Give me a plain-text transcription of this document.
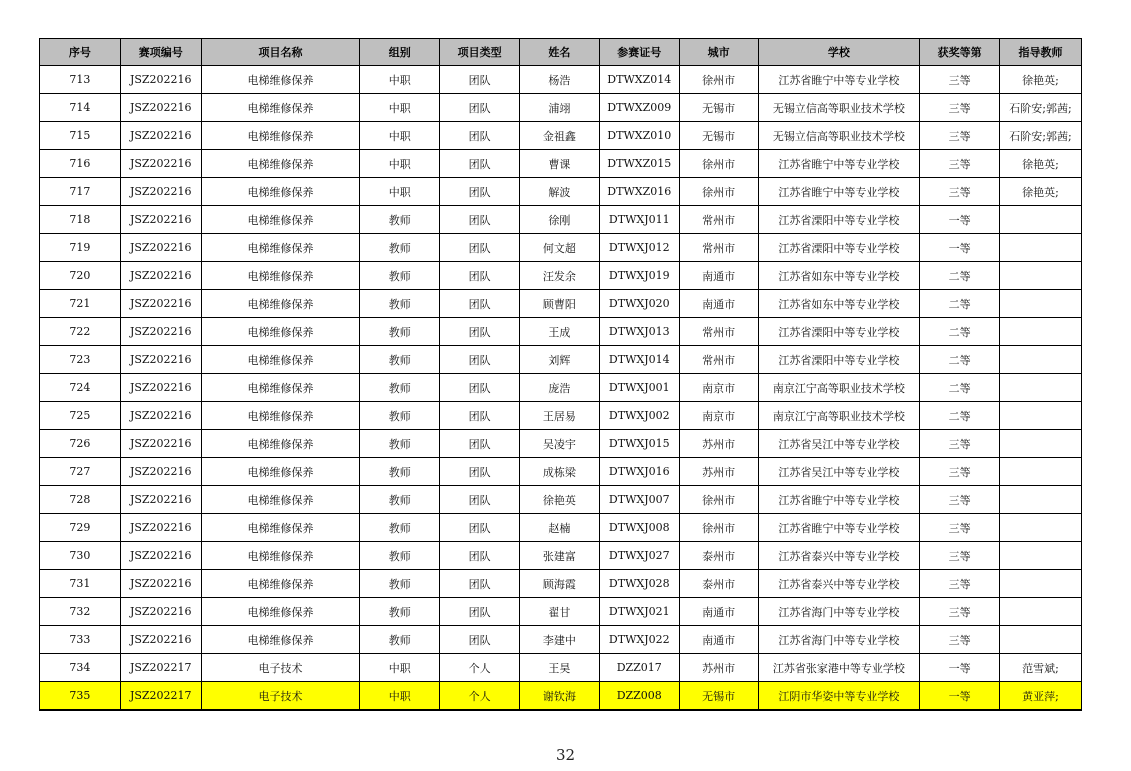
序号	赛项编号	项目名称	组别	项目类型	姓名	参赛证号	城市	学校	获奖等第	指导教师
713	JSZ202216	电梯维修保养	中职	团队	杨浩	DTWXZ014	徐州市	江苏省睢宁中等专业学校	三等	徐艳英;
714	JSZ202216	电梯维修保养	中职	团队	浦翊	DTWXZ009	无锡市	无锡立信高等职业技术学校	三等	石阶安;郭茜;
715	JSZ202216	电梯维修保养	中职	团队	金祖鑫	DTWXZ010	无锡市	无锡立信高等职业技术学校	三等	石阶安;郭茜;
716	JSZ202216	电梯维修保养	中职	团队	曹课	DTWXZ015	徐州市	江苏省睢宁中等专业学校	三等	徐艳英;
717	JSZ202216	电梯维修保养	中职	团队	解波	DTWXZ016	徐州市	江苏省睢宁中等专业学校	三等	徐艳英;
718	JSZ202216	电梯维修保养	教师	团队	徐刚	DTWXJ011	常州市	江苏省溧阳中等专业学校	一等	
719	JSZ202216	电梯维修保养	教师	团队	何文超	DTWXJ012	常州市	江苏省溧阳中等专业学校	一等	
720	JSZ202216	电梯维修保养	教师	团队	汪发余	DTWXJ019	南通市	江苏省如东中等专业学校	二等	
721	JSZ202216	电梯维修保养	教师	团队	顾曹阳	DTWXJ020	南通市	江苏省如东中等专业学校	二等	
722	JSZ202216	电梯维修保养	教师	团队	王成	DTWXJ013	常州市	江苏省溧阳中等专业学校	二等	
723	JSZ202216	电梯维修保养	教师	团队	刘辉	DTWXJ014	常州市	江苏省溧阳中等专业学校	二等	
724	JSZ202216	电梯维修保养	教师	团队	庞浩	DTWXJ001	南京市	南京江宁高等职业技术学校	二等	
725	JSZ202216	电梯维修保养	教师	团队	王居易	DTWXJ002	南京市	南京江宁高等职业技术学校	二等	
726	JSZ202216	电梯维修保养	教师	团队	吴凌宇	DTWXJ015	苏州市	江苏省吴江中等专业学校	三等	
727	JSZ202216	电梯维修保养	教师	团队	成栋梁	DTWXJ016	苏州市	江苏省吴江中等专业学校	三等	
728	JSZ202216	电梯维修保养	教师	团队	徐艳英	DTWXJ007	徐州市	江苏省睢宁中等专业学校	三等	
729	JSZ202216	电梯维修保养	教师	团队	赵楠	DTWXJ008	徐州市	江苏省睢宁中等专业学校	三等	
730	JSZ202216	电梯维修保养	教师	团队	张建富	DTWXJ027	泰州市	江苏省泰兴中等专业学校	三等	
731	JSZ202216	电梯维修保养	教师	团队	顾海霞	DTWXJ028	泰州市	江苏省泰兴中等专业学校	三等	
732	JSZ202216	电梯维修保养	教师	团队	翟甘	DTWXJ021	南通市	江苏省海门中等专业学校	三等	
733	JSZ202216	电梯维修保养	教师	团队	李建中	DTWXJ022	南通市	江苏省海门中等专业学校	三等	
734	JSZ202217	电子技术	中职	个人	王昊	DZZ017	苏州市	江苏省张家港中等专业学校	一等	范雪斌;
735	JSZ202217	电子技术	中职	个人	谢钦海	DZZ008	无锡市	江阴市华姿中等专业学校	一等	黄亚萍;
32
